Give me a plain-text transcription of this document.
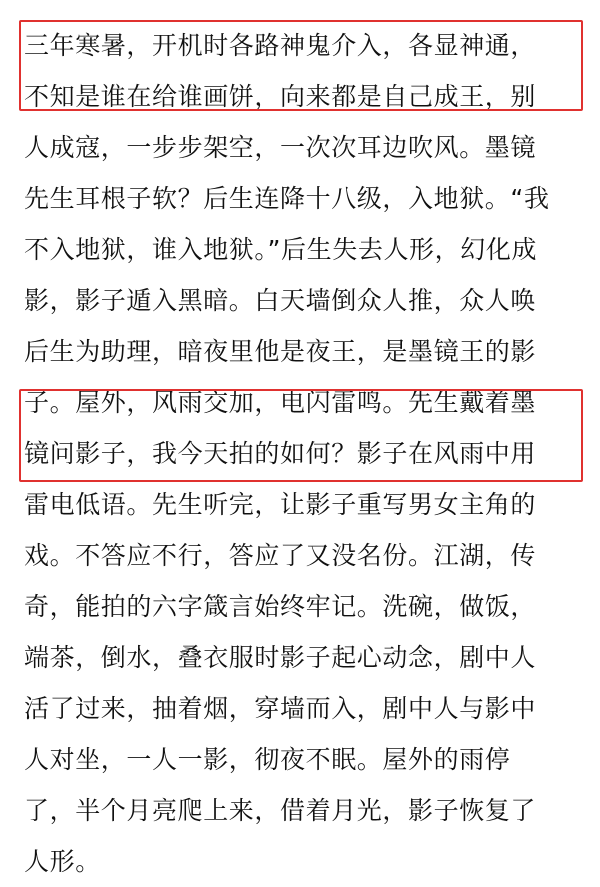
三年寒暑，开机时各路神鬼介入，各显神通，
不知是谁在给谁画饼，向来都是自己成王，别
人成寇，一步步架空，一次次耳边吹风。墨镜
先生耳根子软？后生连降十八级，入地狱。“我
不入地狱，谁入地狱。”后生失去人形，幻化成
影，影子遁入黑暗。白天墙倒众人推，众人唤
后生为助理，暗夜里他是夜王，是墨镜王的影
子。屋外，风雨交加，电闪雷鸣。先生戴着墨
镜问影子，我今天拍的如何？影子在风雨中用
雷电低语。先生听完，让影子重写男女主角的
戏。不答应不行，答应了又没名份。江湖，传
奇，能拍的六字箴言始终牢记。洗碗，做饭，
端茶，倒水，叠衣服时影子起心动念，剧中人
活了过来，抽着烟，穿墙而入，剧中人与影中
人对坐，一人一影，彻夜不眠。屋外的雨停
了，半个月亮爬上来，借着月光，影子恢复了
人形。
